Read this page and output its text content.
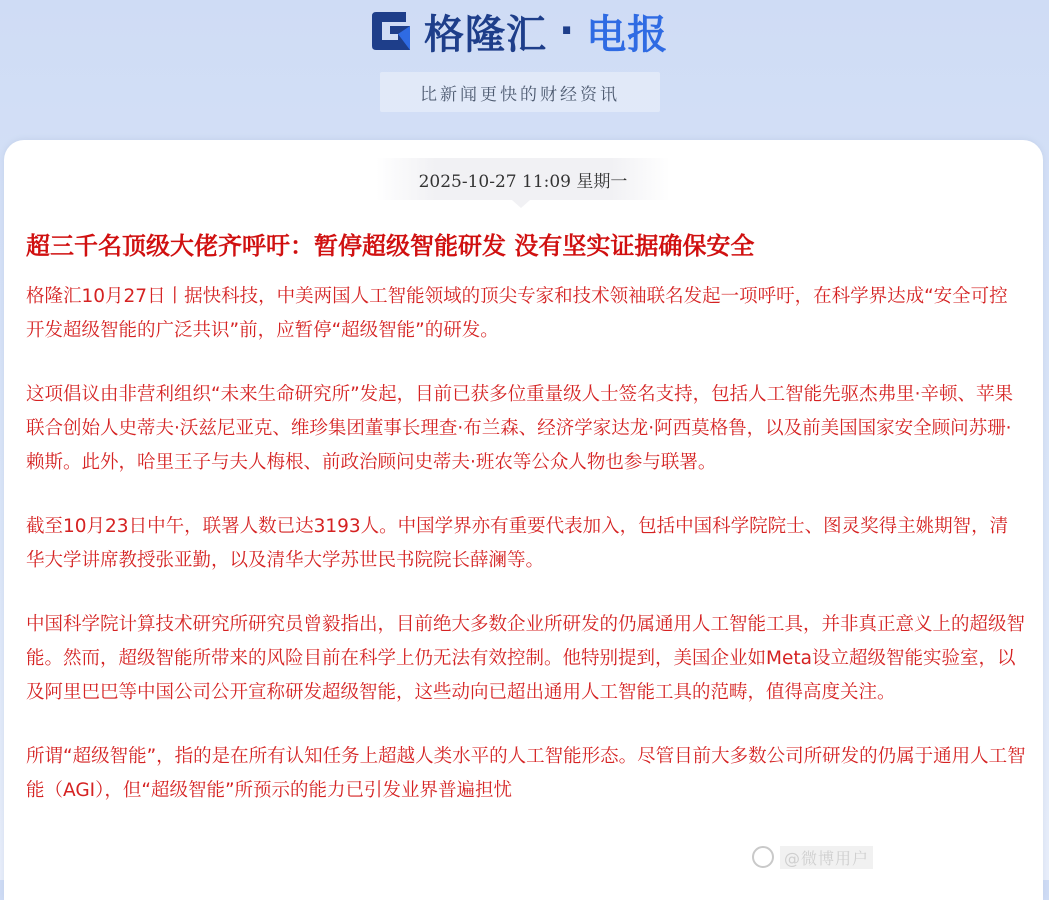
格隆汇 · 电报
比新闻更快的财经资讯
2025-10-27 11:09 星期一
超三千名顶级大佬齐呼吁：暂停超级智能研发 没有坚实证据确保安全

格隆汇10月27日丨据快科技，中美两国人工智能领域的顶尖专家和技术领袖联名发起一项呼吁，在科学界达成“安全可控开发超级智能的广泛共识”前，应暂停“超级智能”的研发。

这项倡议由非营利组织“未来生命研究所”发起，目前已获多位重量级人士签名支持，包括人工智能先驱杰弗里·辛顿、苹果联合创始人史蒂夫·沃兹尼亚克、维珍集团董事长理查·布兰森、经济学家达龙·阿西莫格鲁，以及前美国国家安全顾问苏珊·赖斯。此外，哈里王子与夫人梅根、前政治顾问史蒂夫·班农等公众人物也参与联署。

截至10月23日中午，联署人数已达3193人。中国学界亦有重要代表加入，包括中国科学院院士、图灵奖得主姚期智，清华大学讲席教授张亚勤，以及清华大学苏世民书院院长薛澜等。

中国科学院计算技术研究所研究员曾毅指出，目前绝大多数企业所研发的仍属通用人工智能工具，并非真正意义上的超级智能。然而，超级智能所带来的风险目前在科学上仍无法有效控制。他特别提到，美国企业如Meta设立超级智能实验室，以及阿里巴巴等中国公司公开宣称研发超级智能，这些动向已超出通用人工智能工具的范畴，值得高度关注。

所谓“超级智能”，指的是在所有认知任务上超越人类水平的人工智能形态。尽管目前大多数公司所研发的仍属于通用人工智能（AGI），但“超级智能”所预示的能力已引发业界普遍担忧

@微博用户
